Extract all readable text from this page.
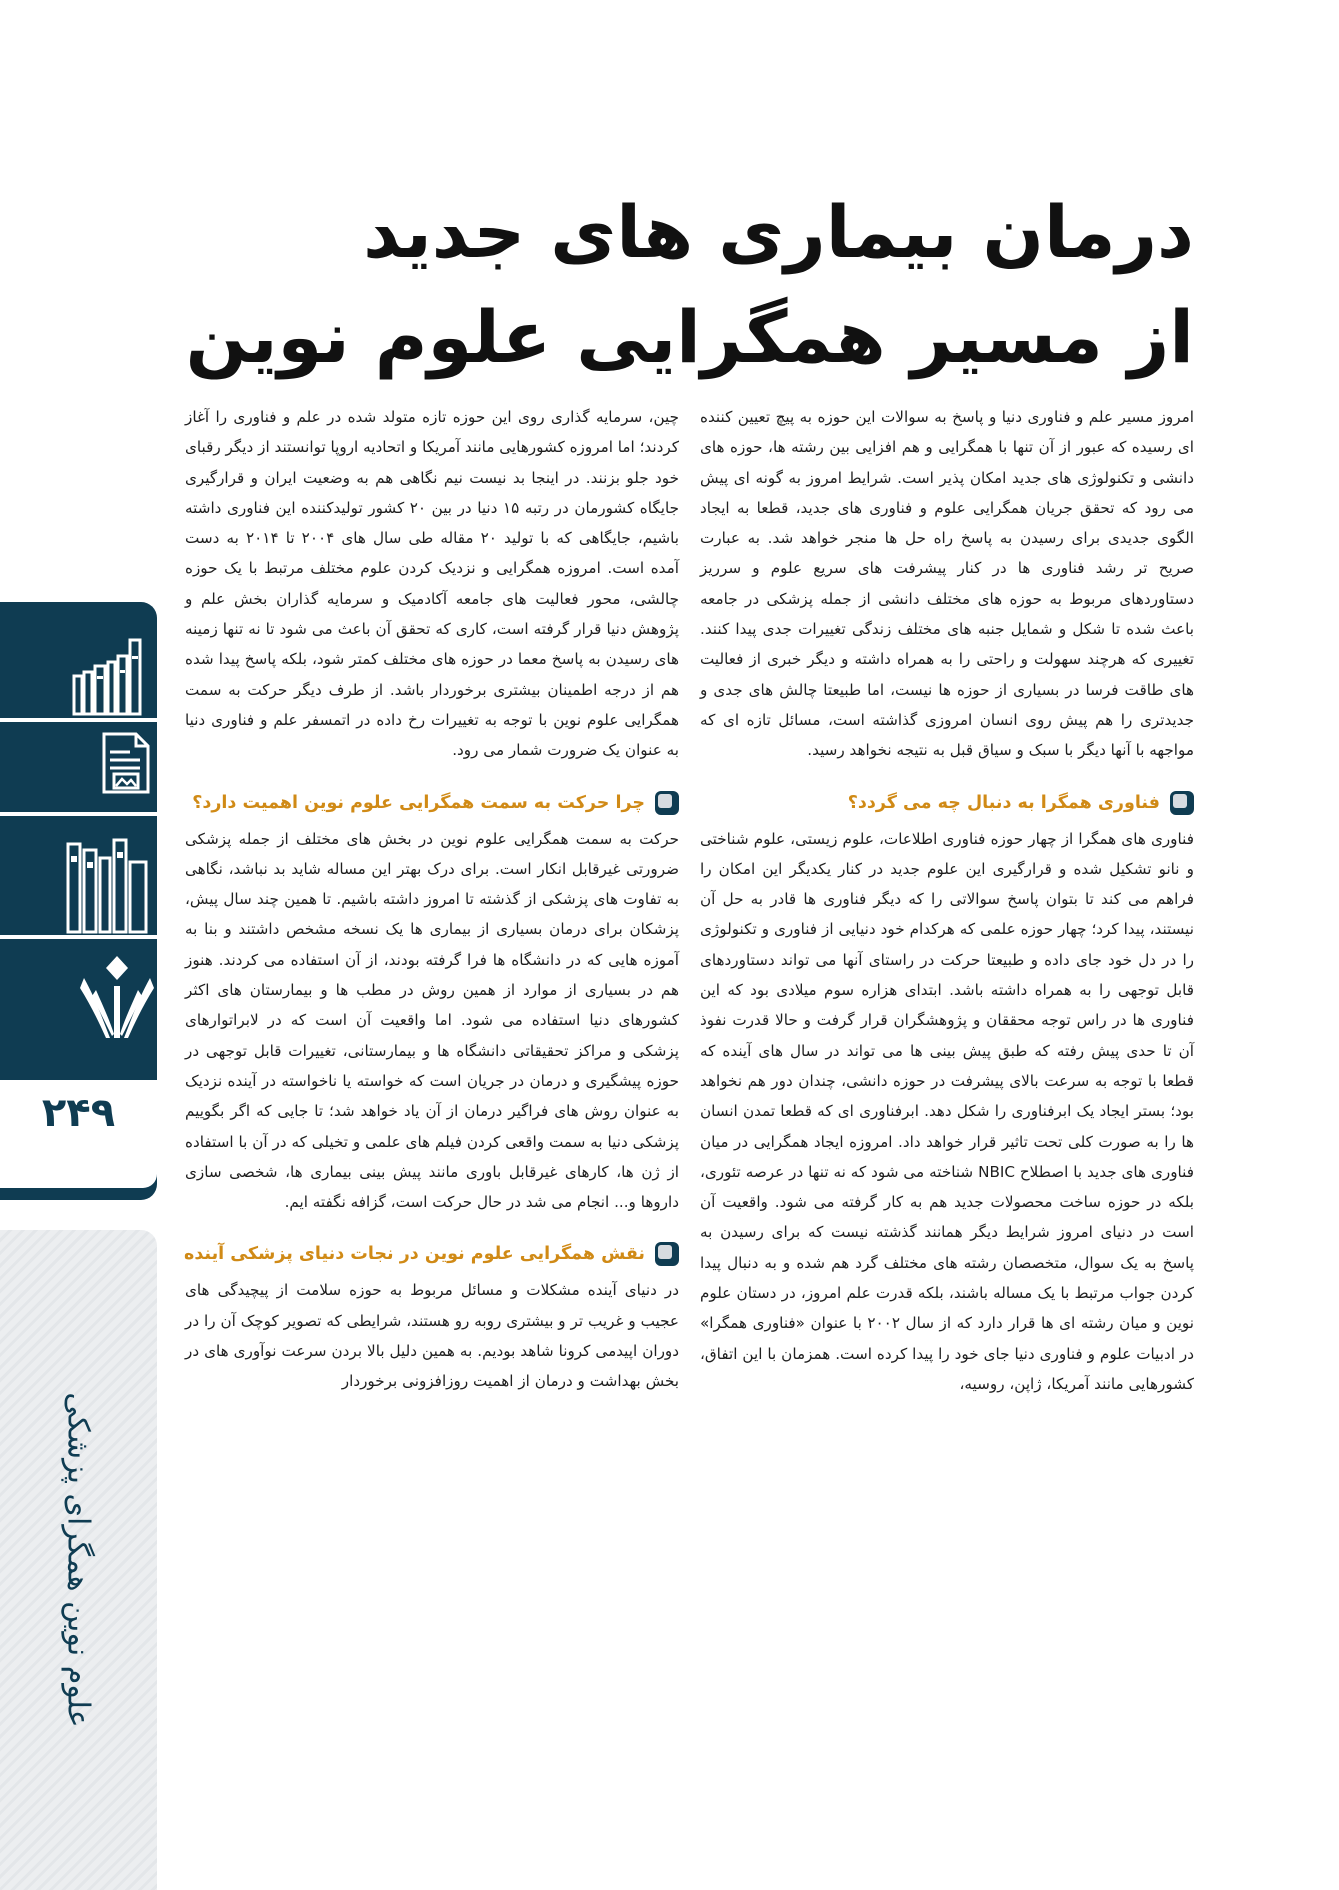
درمان بیماری های جدید
از مسیر همگرایی علوم نوین

امروز مسیر علم و فناوری دنیا و پاسخ به سوالات این حوزه به پیچ تعیین کننده ای رسیده که عبور از آن تنها با همگرایی و هم افزایی بین رشته ها، حوزه های دانشی و تکنولوژی های جدید امکان پذیر است. شرایط امروز به گونه ای پیش می رود که تحقق جریان همگرایی علوم و فناوری های جدید، قطعا به ایجاد الگوی جدیدی برای رسیدن به پاسخ راه حل ها منجر خواهد شد. به عبارت صریح تر رشد فناوری ها در کنار پیشرفت های سریع علوم و سرریز دستاوردهای مربوط به حوزه های مختلف دانشی از جمله پزشکی در جامعه باعث شده تا شکل و شمایل جنبه های مختلف زندگی تغییرات جدی پیدا کنند. تغییری که هرچند سهولت و راحتی را به همراه داشته و دیگر خبری از فعالیت های طاقت فرسا در بسیاری از حوزه ها نیست، اما طبیعتا چالش های جدی و جدیدتری را هم پیش روی انسان امروزی گذاشته است، مسائل تازه ای که مواجهه با آنها دیگر با سبک و سیاق قبل به نتیجه نخواهد رسید.

فناوری همگرا به دنبال چه می گردد؟

فناوری های همگرا از چهار حوزه فناوری اطلاعات، علوم زیستی، علوم شناختی و نانو تشکیل شده و قرارگیری این علوم جدید در کنار یکدیگر این امکان را فراهم می کند تا بتوان پاسخ سوالاتی را که دیگر فناوری ها قادر به حل آن نیستند، پیدا کرد؛ چهار حوزه علمی که هرکدام خود دنیایی از فناوری و تکنولوژی را در دل خود جای داده و طبیعتا حرکت در راستای آنها می تواند دستاوردهای قابل توجهی را به همراه داشته باشد. ابتدای هزاره سوم میلادی بود که این فناوری ها در راس توجه محققان و پژوهشگران قرار گرفت و حالا قدرت نفوذ آن تا حدی پیش رفته که طبق پیش بینی ها می تواند در سال های آینده که قطعا با توجه به سرعت بالای پیشرفت در حوزه دانشی، چندان دور هم نخواهد بود؛ بستر ایجاد یک ابرفناوری را شکل دهد. ابرفناوری ای که قطعا تمدن انسان ها را به صورت کلی تحت تاثیر قرار خواهد داد. امروزه ایجاد همگرایی در میان فناوری های جدید با اصطلاح NBIC شناخته می شود که نه تنها در عرصه تئوری، بلکه در حوزه ساخت محصولات جدید هم به کار گرفته می شود. واقعیت آن است در دنیای امروز شرایط دیگر همانند گذشته نیست که برای رسیدن به پاسخ به یک سوال، متخصصان رشته های مختلف گرد هم شده و به دنبال پیدا کردن جواب مرتبط با یک مساله باشند، بلکه قدرت علم امروز، در دستان علوم نوین و میان رشته ای ها قرار دارد که از سال ۲۰۰۲ با عنوان «فناوری همگرا» در ادبیات علوم و فناوری دنیا جای خود را پیدا کرده است. همزمان با این اتفاق، کشورهایی مانند آمریکا، ژاپن، روسیه،

چین، سرمایه گذاری روی این حوزه تازه متولد شده در علم و فناوری را آغاز کردند؛ اما امروزه کشورهایی مانند آمریکا و اتحادیه اروپا توانستند از دیگر رقبای خود جلو بزنند. در اینجا بد نیست نیم نگاهی هم به وضعیت ایران و قرارگیری جایگاه کشورمان در رتبه ۱۵ دنیا در بین ۲۰ کشور تولیدکننده این فناوری داشته باشیم، جایگاهی که با تولید ۲۰ مقاله طی سال های ۲۰۰۴ تا ۲۰۱۴ به دست آمده است. امروزه همگرایی و نزدیک کردن علوم مختلف مرتبط با یک حوزه چالشی، محور فعالیت های جامعه آکادمیک و سرمایه گذاران بخش علم و پژوهش دنیا قرار گرفته است، کاری که تحقق آن باعث می شود تا نه تنها زمینه های رسیدن به پاسخ معما در حوزه های مختلف کمتر شود، بلکه پاسخ پیدا شده هم از درجه اطمینان بیشتری برخوردار باشد. از طرف دیگر حرکت به سمت همگرایی علوم نوین با توجه به تغییرات رخ داده در اتمسفر علم و فناوری دنیا به عنوان یک ضرورت شمار می رود.

چرا حرکت به سمت همگرایی علوم نوین اهمیت دارد؟

حرکت به سمت همگرایی علوم نوین در بخش های مختلف از جمله پزشکی ضرورتی غیرقابل انکار است. برای درک بهتر این مساله شاید بد نباشد، نگاهی به تفاوت های پزشکی از گذشته تا امروز داشته باشیم. تا همین چند سال پیش، پزشکان برای درمان بسیاری از بیماری ها یک نسخه مشخص داشتند و بنا به آموزه هایی که در دانشگاه ها فرا گرفته بودند، از آن استفاده می کردند. هنوز هم در بسیاری از موارد از همین روش در مطب ها و بیمارستان های اکثر کشورهای دنیا استفاده می شود. اما واقعیت آن است که در لابراتوارهای پزشکی و مراکز تحقیقاتی دانشگاه ها و بیمارستانی، تغییرات قابل توجهی در حوزه پیشگیری و درمان در جریان است که خواسته یا ناخواسته در آینده نزدیک به عنوان روش های فراگیر درمان از آن یاد خواهد شد؛ تا جایی که اگر بگوییم پزشکی دنیا به سمت واقعی کردن فیلم های علمی و تخیلی که در آن با استفاده از ژن ها، کارهای غیرقابل باوری مانند پیش بینی بیماری ها، شخصی سازی داروها و... انجام می شد در حال حرکت است، گزافه نگفته ایم.

نقش همگرایی علوم نوین در نجات دنیای پزشکی آینده

در دنیای آینده مشکلات و مسائل مربوط به حوزه سلامت از پیچیدگی های عجیب و غریب تر و بیشتری روبه رو هستند، شرایطی که تصویر کوچک آن را در دوران اپیدمی کرونا شاهد بودیم. به همین دلیل بالا بردن سرعت نوآوری های در بخش بهداشت و درمان از اهمیت روزافزونی برخوردار

۲۴۹
علوم نوین همگرای پزشکی
